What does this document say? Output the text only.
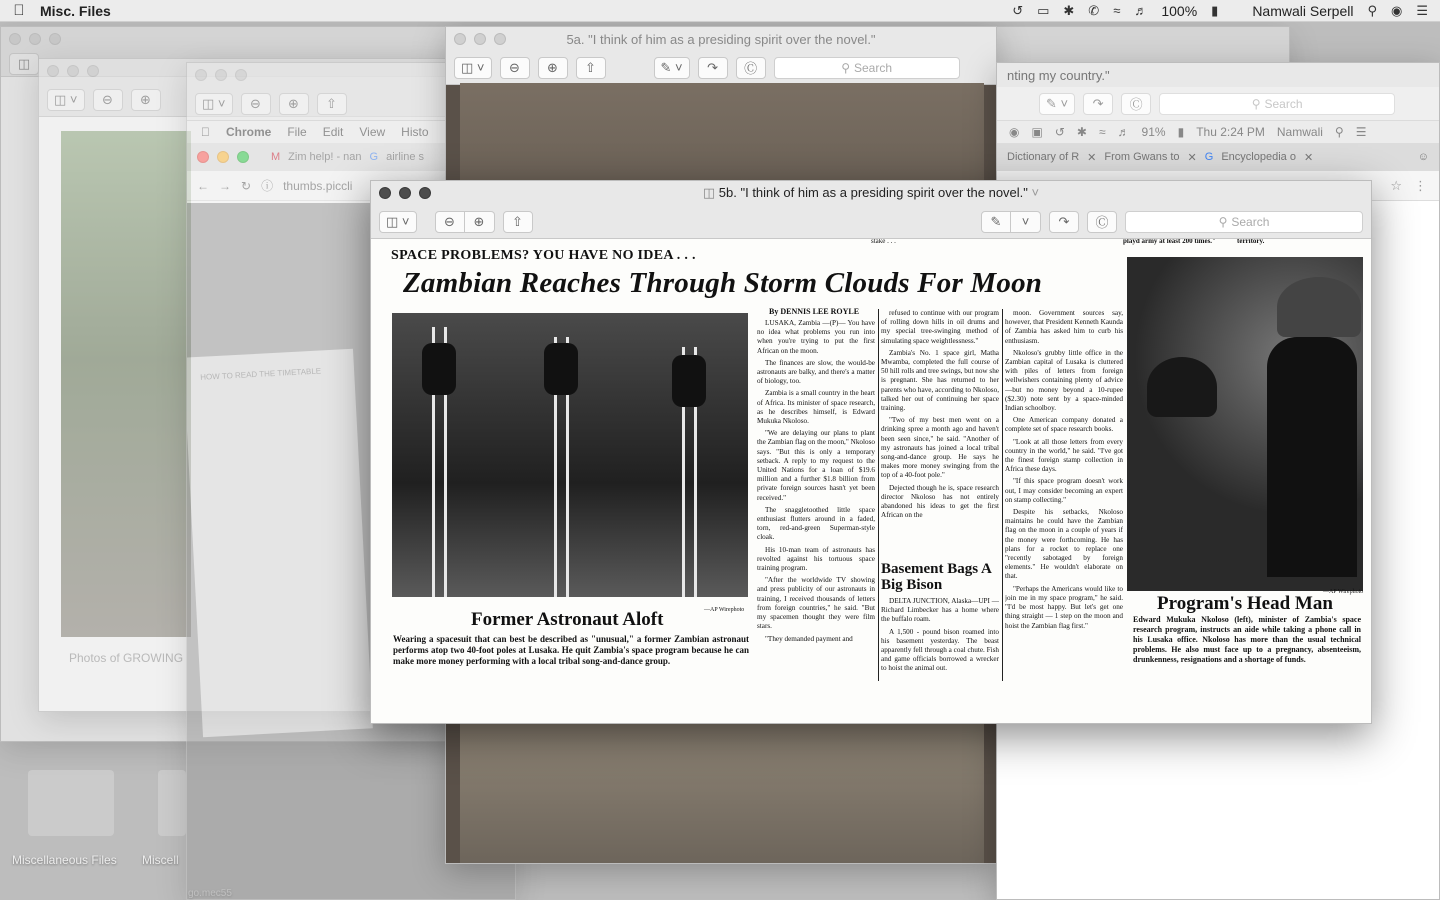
Misc. Files	↺ ▭ ✱ ✆ ≈ ♬ 100% ▮ Namwali Serpell ⚲ ◉ ☰
◫
Miscellaneous Files Miscell
◫ ˅	⊖	⊕
Photos of GROWING
◫ ˅	⊖	⊕	⇧
Chrome File Edit View Histo
M Zim help! - nan G airline s
← → ↻ ⓘ thumbs.piccli
HOW TO READ THE TIMETABLE
5a. "I think of him as a presiding spirit over the novel."
◫ ˅	⊖	⊕	⇧	✎ ˅	↷	Ⓒ	⚲ Search	nting my country."
✎ ˅	↷	Ⓒ	⚲ Search
◉ ▣ ↺ ✱ ≈ ♬ 91% ▮ Thu 2:24 PM Namwali ⚲ ☰
Dictionary of R ✕ From Gwans to ✕ G Encyclopedia o ✕	☺
☆ ⋮
◫ 5b. "I think of him as a presiding spirit over the novel." ˅
◫ ˅	⊖	⊕	⇧	✎	˅	↷	Ⓒ	⚲ Search
stake . . .	playd army at least 200 times."	territory.
SPACE PROBLEMS? YOU HAVE NO IDEA . . .
Zambian Reaches Through Storm Clouds For Moon
—AP Wirephoto
Former Astronaut Aloft
Wearing a spacesuit that can best be described as "unusual," a former Zambian astronaut performs atop two 40-foot poles at Lusaka. He quit Zambia's space program because he can make more money performing with a local tribal song-and-dance group.
By DENNIS LEE ROYLE

LUSAKA, Zambia —(P)— You have no idea what problems you run into when you're trying to put the first African on the moon.

The finances are slow, the would-be astronauts are balky, and there's a matter of biology, too.

Zambia is a small country in the heart of Africa. Its minister of space research, as he describes himself, is Edward Mukuka Nkoloso.

"We are delaying our plans to plant the Zambian flag on the moon," Nkoloso says. "But this is only a temporary setback. A reply to my request to the United Nations for a loan of $19.6 million and a further $1.8 billion from private foreign sources hasn't yet been received."

The snaggletoothed little space enthusiast flutters around in a faded, torn, red-and-green Superman-style cloak.

His 10-man team of astronauts has revolted against his tortuous space training program.

"After the worldwide TV showing and press publicity of our astronauts in training, I received thousands of letters from foreign countries," he said. "But my spacemen thought they were film stars.

"They demanded payment and

refused to continue with our program of rolling down hills in oil drums and my special tree-swinging method of simulating space weightlessness."

Zambia's No. 1 space girl, Matha Mwamba, completed the full course of 50 hill rolls and tree swings, but now she is pregnant. She has returned to her parents who have, according to Nkoloso, talked her out of continuing her space training.

"Two of my best men went on a drinking spree a month ago and haven't been seen since," he said. "Another of my astronauts has joined a local tribal song-and-dance group. He says he makes more money swinging from the top of a 40-foot pole."

Dejected though he is, space research director Nkoloso has not entirely abandoned his ideas to get the first African on the

Basement Bags A Big Bison

DELTA JUNCTION, Alaska—UPI — Richard Limbecker has a home where the buffalo roam.

A 1,500 - pound bison roamed into his basement yesterday. The beast apparently fell through a coal chute. Fish and game officials borrowed a wrecker to hoist the animal out.

moon. Government sources say, however, that President Kenneth Kaunda of Zambia has asked him to curb his enthusiasm.

Nkoloso's grubby little office in the Zambian capital of Lusaka is cluttered with piles of letters from foreign wellwishers containing plenty of advice—but no money beyond a 10-rupee ($2.30) note sent by a space-minded Indian schoolboy.

One American company donated a complete set of space research books.

"Look at all those letters from every country in the world," he said. "I've got the finest foreign stamp collection in Africa these days.

"If this space program doesn't work out, I may consider becoming an expert on stamp collecting."

Despite his setbacks, Nkoloso maintains he could have the Zambian flag on the moon in a couple of years if the money were forthcoming. He has plans for a rocket to replace one "recently sabotaged by foreign elements." He wouldn't elaborate on that.

"Perhaps the Americans would like to join me in my space program," he said. "I'd be most happy. But let's get one thing straight — 1 step on the moon and hoist the Zambian flag first."

—AP Wirephoto
Program's Head Man
Edward Mukuka Nkoloso (left), minister of Zambia's space research program, instructs an aide while taking a phone call in his Lusaka office. Nkoloso has more than the usual technical problems. He also must face up to a pregnancy, absenteeism, drunkenness, resignations and a shortage of funds.
